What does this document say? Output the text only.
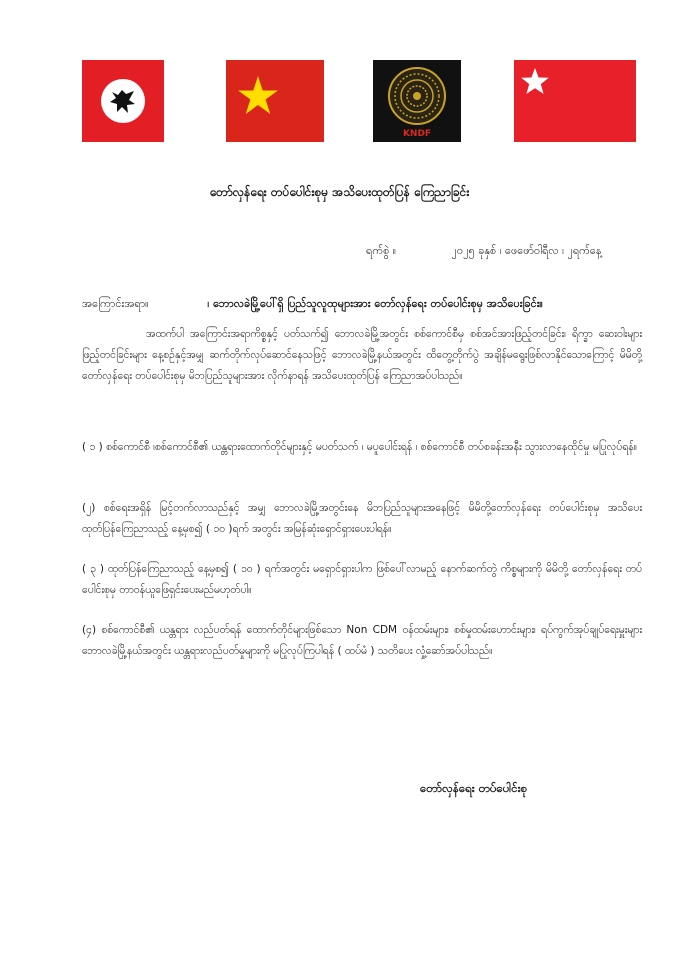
KNDF
တော်လှန်ရေး တပ်ပေါင်းစုမှ အသိပေးထုတ်ပြန် ကြေညာခြင်း
ရက်စွဲ ။	၂၀၂၅ ခုနှစ် ၊ ဖေဖော်ဝါရီလ ၊ ၂ရက်နေ့
အကြောင်းအရာ။	၊ ဘောလခဲမြို့ပေါ်ရှိ ပြည်သူလူထုများအား တော်လှန်ရေး တပ်ပေါင်းစုမှ အသိပေးခြင်း။
အထက်ပါ အကြောင်းအရာကိစ္စနှင့် ပတ်သက်၍ ဘောလခဲမြို့အတွင်း စစ်ကောင်စီမှ စစ်အင်အားဖြည့်တင်ခြင်း၊ ရိက္ခာ ဆေးဝါးများ ဖြည့်တင်ခြင်းများ နေ့စဉ်နှင့်အမျှ ဆက်တိုက်လုပ်ဆောင်နေသဖြင့် ဘောလခဲမြို့နယ်အတွင်း ထိတွေ့တိုက်ပွဲ အချိန်မရွေးဖြစ်လာနိုင်သောကြောင့် မိမိတို့တော်လှန်ရေး တပ်ပေါင်းစုမှ မိဘပြည်သူများအား လိုက်နာရန် အသိပေးထုတ်ပြန် ကြေညာအပ်ပါသည်။
( ၁ ) စစ်ကောင်စီ ၊စစ်ကောင်စီ၏ ယန္တရားထောက်တိုင်များနှင့် မပတ်သက် ၊ မပူပေါင်းရန် ၊ စစ်ကောင်စီ တပ်စခန်းအနီး သွားလာနေထိုင်မှု မပြုလုပ်ရန်။
(၂) စစ်ရေးအရှိန် မြင့်တက်လာသည်နှင့် အမျှ ဘောလခဲမြို့အတွင်းနေ မိဘပြည်သူများအနေဖြင့် မိမိတို့တော်လှန်ရေး တပ်ပေါင်းစုမှ အသိပေး ထုတ်ပြန်ကြေညာသည့် နေ့မှစ၍ ( ၁၀ )ရက် အတွင်း အမြန်ဆုံးရှောင်ရှားပေးပါရန်။
( ၃ ) ထုတ်ပြန်ကြေညာသည့် နေ့မှစ၍ ( ၁၀ ) ရက်အတွင်း မရှောင်ရှားပါက ဖြစ်ပေါ်လာမည့် နောက်ဆက်တွဲ ကိစ္စများကို မိမိတို့ တော်လှန်ရေး တပ်ပေါင်းစုမှ တာဝန်ယူဖြေရှင်းပေးမည်မဟုတ်ပါ။
(၄) စစ်ကောင်စီ၏ ယန္တရား လည်ပတ်ရန် ထောက်တိုင်များဖြစ်သော Non CDM ဝန်ထမ်းများ၊ စစ်မှုထမ်းဟောင်းများ၊ ရပ်ကွက်အုပ်ချုပ်ရေးမှူးများ ဘောလခဲမြို့နယ်အတွင်း ယန္တရားလည်ပတ်မှုများကို မပြုလုပ်ကြပါရန် ( ထပ်မံ ) သတိပေး လှုံ့ဆော်အပ်ပါသည်။
တော်လှန်ရေး တပ်ပေါင်းစု
